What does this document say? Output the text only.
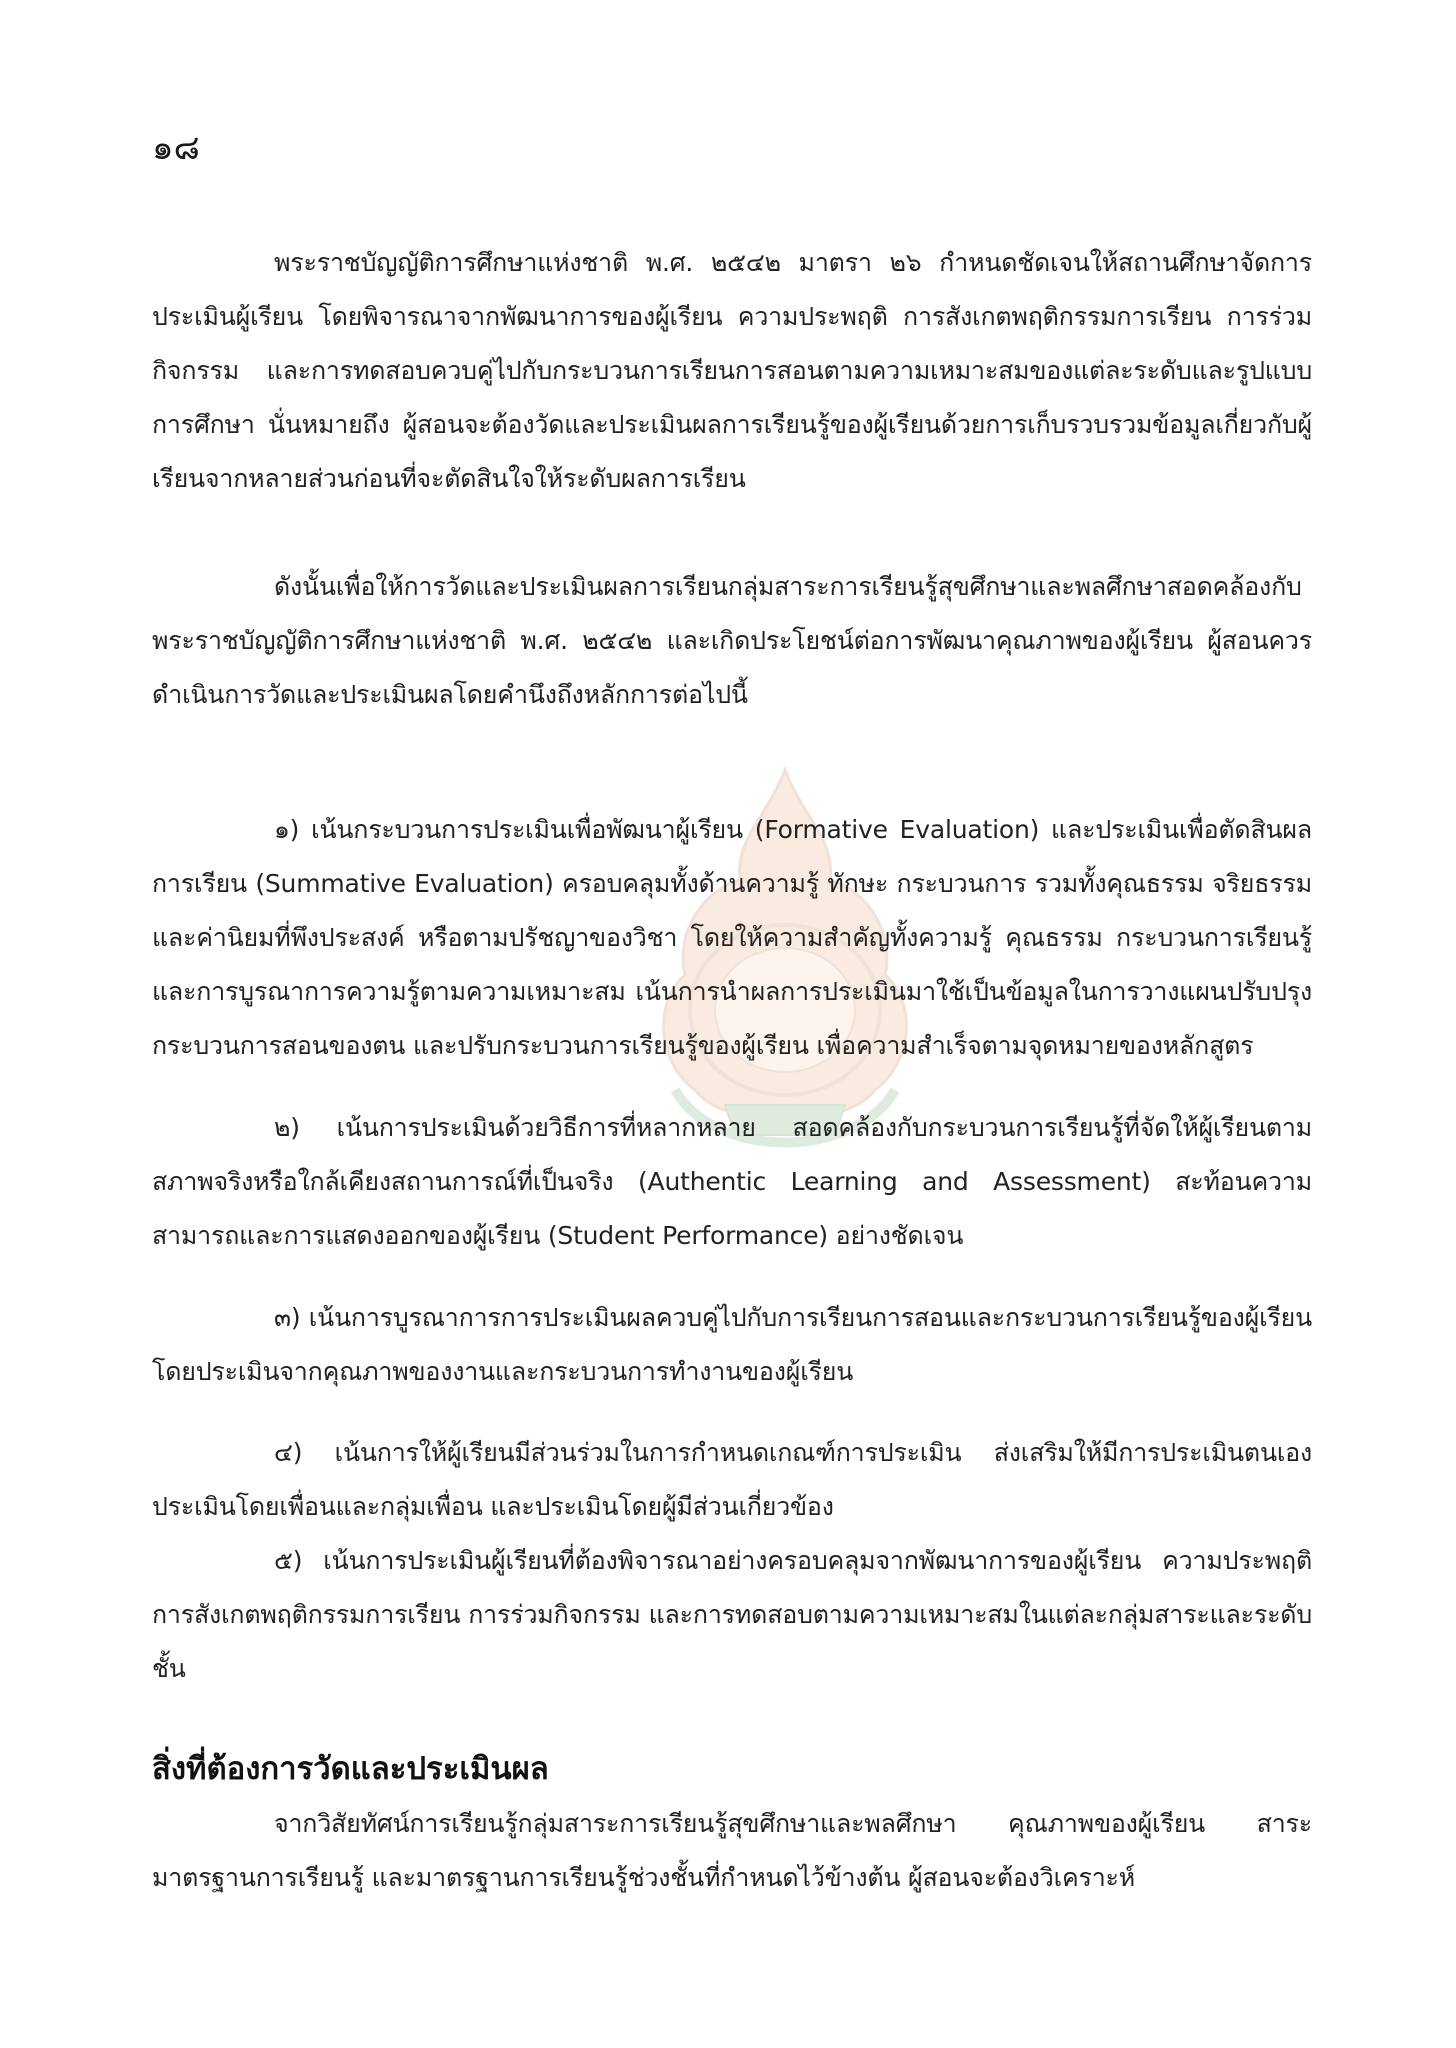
๑๘

พระราชบัญญัติการศึกษาแห่งชาติ พ.ศ. ๒๕๔๒ มาตรา ๒๖ กำหนดชัดเจนให้สถานศึกษาจัดการประเมินผู้เรียน โดยพิจารณาจากพัฒนาการของผู้เรียน ความประพฤติ การสังเกตพฤติกรรมการเรียน การร่วมกิจกรรม และการทดสอบควบคู่ไปกับกระบวนการเรียนการสอนตามความเหมาะสมของแต่ละระดับและรูปแบบการศึกษา นั่นหมายถึง ผู้สอนจะต้องวัดและประเมินผลการเรียนรู้ของผู้เรียนด้วยการเก็บรวบรวมข้อมูลเกี่ยวกับผู้เรียนจากหลายส่วนก่อนที่จะตัดสินใจให้ระดับผลการเรียน

ดังนั้นเพื่อให้การวัดและประเมินผลการเรียนกลุ่มสาระการเรียนรู้สุขศึกษาและพลศึกษาสอดคล้องกับพระราชบัญญัติการศึกษาแห่งชาติ พ.ศ. ๒๕๔๒ และเกิดประโยชน์ต่อการพัฒนาคุณภาพของผู้เรียน ผู้สอนควรดำเนินการวัดและประเมินผลโดยคำนึงถึงหลักการต่อไปนี้

๑) เน้นกระบวนการประเมินเพื่อพัฒนาผู้เรียน (Formative Evaluation) และประเมินเพื่อตัดสินผลการเรียน (Summative Evaluation) ครอบคลุมทั้งด้านความรู้ ทักษะ กระบวนการ รวมทั้งคุณธรรม จริยธรรม และค่านิยมที่พึงประสงค์ หรือตามปรัชญาของวิชา โดยให้ความสำคัญทั้งความรู้ คุณธรรม กระบวนการเรียนรู้ และการบูรณาการความรู้ตามความเหมาะสม เน้นการนำผลการประเมินมาใช้เป็นข้อมูลในการวางแผนปรับปรุงกระบวนการสอนของตน และปรับกระบวนการเรียนรู้ของผู้เรียน เพื่อความสำเร็จตามจุดหมายของหลักสูตร

๒) เน้นการประเมินด้วยวิธีการที่หลากหลาย สอดคล้องกับกระบวนการเรียนรู้ที่จัดให้ผู้เรียนตามสภาพจริงหรือใกล้เคียงสถานการณ์ที่เป็นจริง (Authentic Learning and Assessment) สะท้อนความสามารถและการแสดงออกของผู้เรียน (Student Performance) อย่างชัดเจน

๓) เน้นการบูรณาการการประเมินผลควบคู่ไปกับการเรียนการสอนและกระบวนการเรียนรู้ของผู้เรียน โดยประเมินจากคุณภาพของงานและกระบวนการทำงานของผู้เรียน

๔) เน้นการให้ผู้เรียนมีส่วนร่วมในการกำหนดเกณฑ์การประเมิน ส่งเสริมให้มีการประเมินตนเอง ประเมินโดยเพื่อนและกลุ่มเพื่อน และประเมินโดยผู้มีส่วนเกี่ยวข้อง

๕) เน้นการประเมินผู้เรียนที่ต้องพิจารณาอย่างครอบคลุมจากพัฒนาการของผู้เรียน ความประพฤติ การสังเกตพฤติกรรมการเรียน การร่วมกิจกรรม และการทดสอบตามความเหมาะสมในแต่ละกลุ่มสาระและระดับชั้น

สิ่งที่ต้องการวัดและประเมินผล

จากวิสัยทัศน์การเรียนรู้กลุ่มสาระการเรียนรู้สุขศึกษาและพลศึกษา คุณภาพของผู้เรียน สาระมาตรฐานการเรียนรู้ และมาตรฐานการเรียนรู้ช่วงชั้นที่กำหนดไว้ข้างต้น ผู้สอนจะต้องวิเคราะห์
